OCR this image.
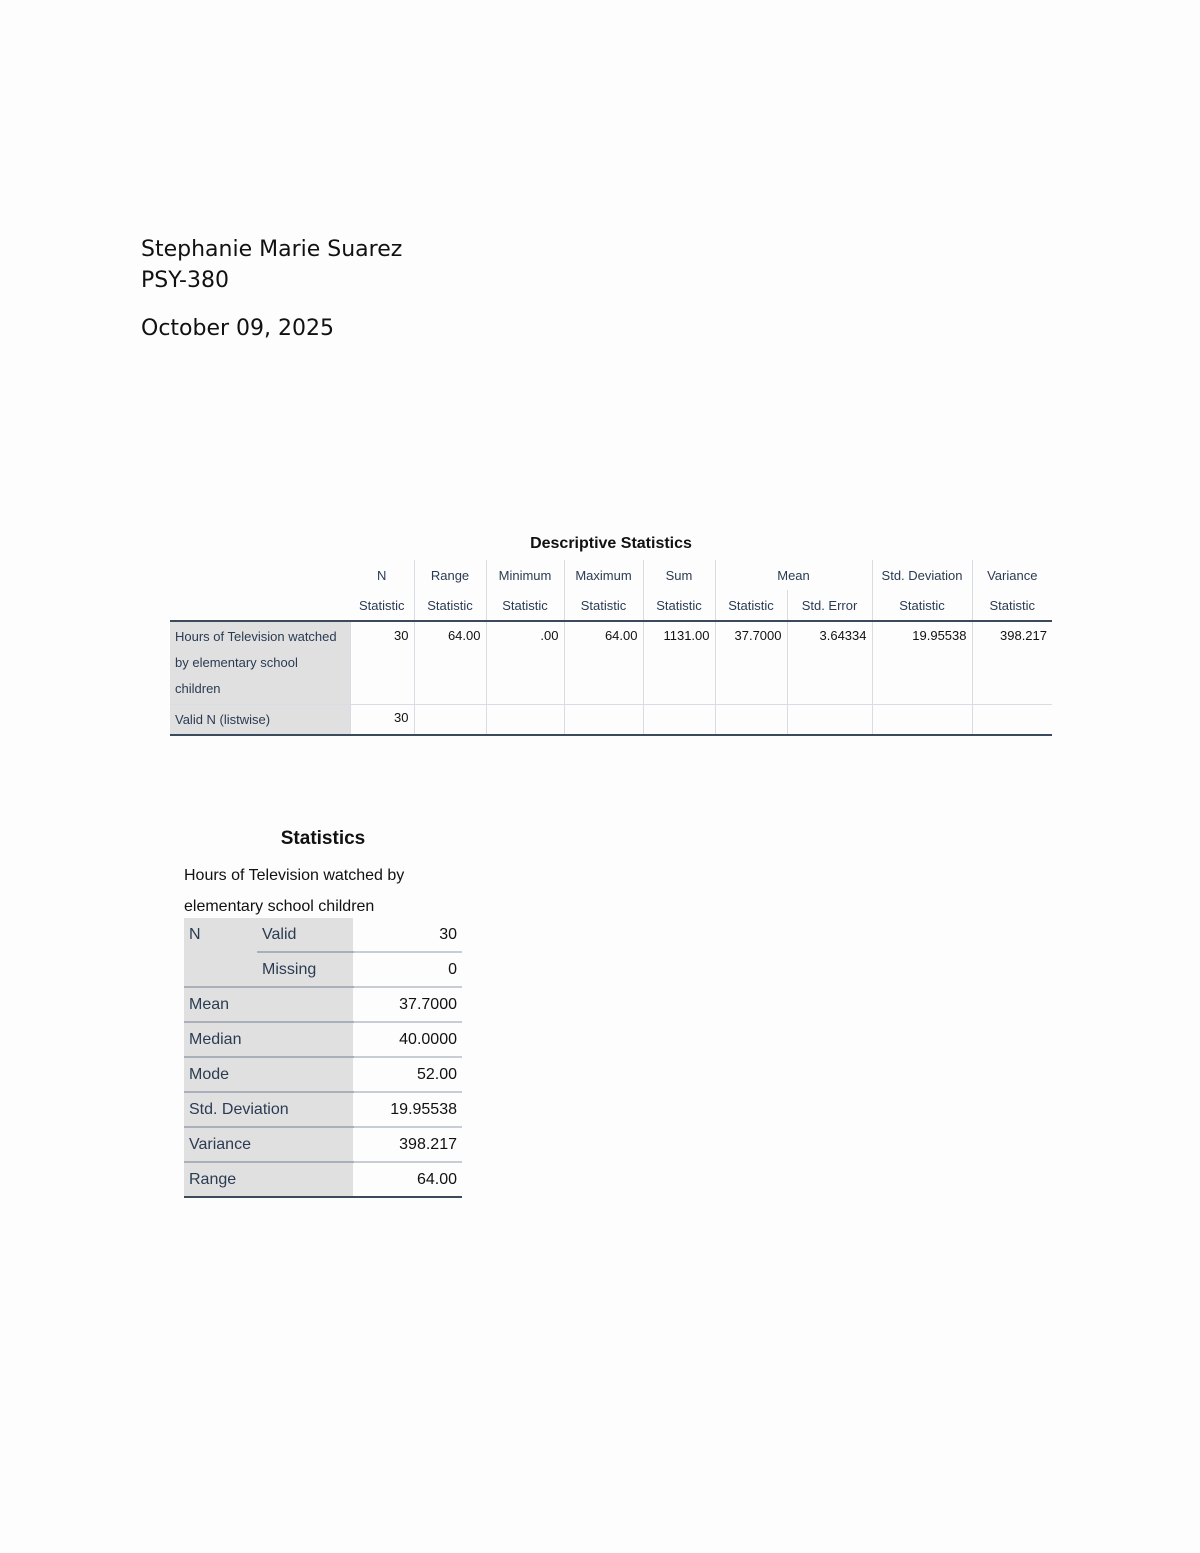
Stephanie Marie Suarez
PSY-380
October 09, 2025
Descriptive Statistics
	N	Range	Minimum	Maximum	Sum	Mean		Std. Deviation	Variance
	Statistic	Statistic	Statistic	Statistic	Statistic	Statistic	Std. Error	Statistic	Statistic
Hours of Television watched by elementary school children	30	64.00	.00	64.00	1131.00	37.7000	3.64334	19.95538	398.217
Valid N (listwise)	30								
Statistics
Hours of Television watched by
elementary school children
N	Valid	30
	Missing	0
Mean		37.7000
Median		40.0000
Mode		52.00
Std. Deviation		19.95538
Variance		398.217
Range		64.00
